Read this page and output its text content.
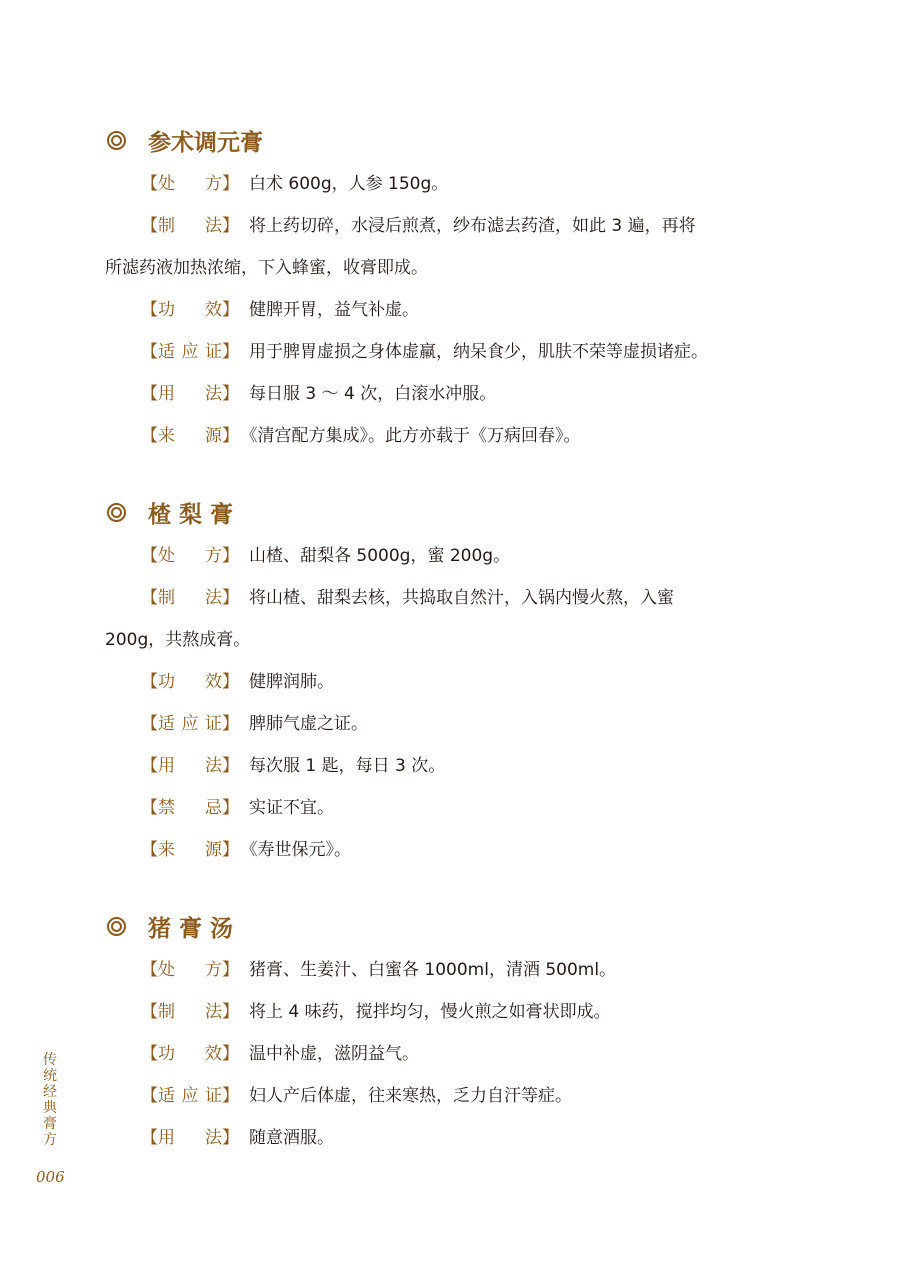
参术调元膏
【处 方】 白术 600g，人参 150g。
【制 法】 将上药切碎，水浸后煎煮，纱布滤去药渣，如此 3 遍，再将
所滤药液加热浓缩，下入蜂蜜，收膏即成。
【功 效】 健脾开胃，益气补虚。
【适应证】 用于脾胃虚损之身体虚羸，纳呆食少，肌肤不荣等虚损诸症。
【用 法】 每日服 3 ～ 4 次，白滚水冲服。
【来 源】 《清宫配方集成》。此方亦载于《万病回春》。
楂 梨 膏
【处 方】 山楂、甜梨各 5000g，蜜 200g。
【制 法】 将山楂、甜梨去核，共捣取自然汁，入锅内慢火熬，入蜜
200g，共熬成膏。
【功 效】 健脾润肺。
【适应证】 脾肺气虚之证。
【用 法】 每次服 1 匙，每日 3 次。
【禁 忌】 实证不宜。
【来 源】 《寿世保元》。
猪 膏 汤
【处 方】 猪膏、生姜汁、白蜜各 1000ml，清酒 500ml。
【制 法】 将上 4 味药，搅拌均匀，慢火煎之如膏状即成。
【功 效】 温中补虚，滋阴益气。
【适应证】 妇人产后体虚，往来寒热，乏力自汗等症。
【用 法】 随意酒服。
传统经典膏方
006
